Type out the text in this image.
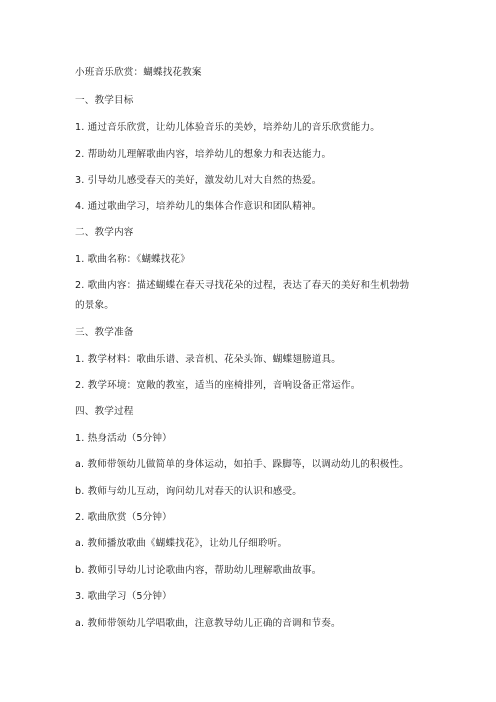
小班音乐欣赏：蝴蝶找花教案
一、教学目标
1. 通过音乐欣赏，让幼儿体验音乐的美妙，培养幼儿的音乐欣赏能力。
2. 帮助幼儿理解歌曲内容，培养幼儿的想象力和表达能力。
3. 引导幼儿感受春天的美好，激发幼儿对大自然的热爱。
4. 通过歌曲学习，培养幼儿的集体合作意识和团队精神。
二、教学内容
1. 歌曲名称：《蝴蝶找花》
2. 歌曲内容：描述蝴蝶在春天寻找花朵的过程，表达了春天的美好和生机勃勃
的景象。
三、教学准备
1. 教学材料：歌曲乐谱、录音机、花朵头饰、蝴蝶翅膀道具。
2. 教学环境：宽敞的教室，适当的座椅排列，音响设备正常运作。
四、教学过程
1. 热身活动（5分钟）
a. 教师带领幼儿做简单的身体运动，如拍手、跺脚等，以调动幼儿的积极性。
b. 教师与幼儿互动，询问幼儿对春天的认识和感受。
2. 歌曲欣赏（5分钟）
a. 教师播放歌曲《蝴蝶找花》，让幼儿仔细聆听。
b. 教师引导幼儿讨论歌曲内容，帮助幼儿理解歌曲故事。
3. 歌曲学习（5分钟）
a. 教师带领幼儿学唱歌曲，注意教导幼儿正确的音调和节奏。
